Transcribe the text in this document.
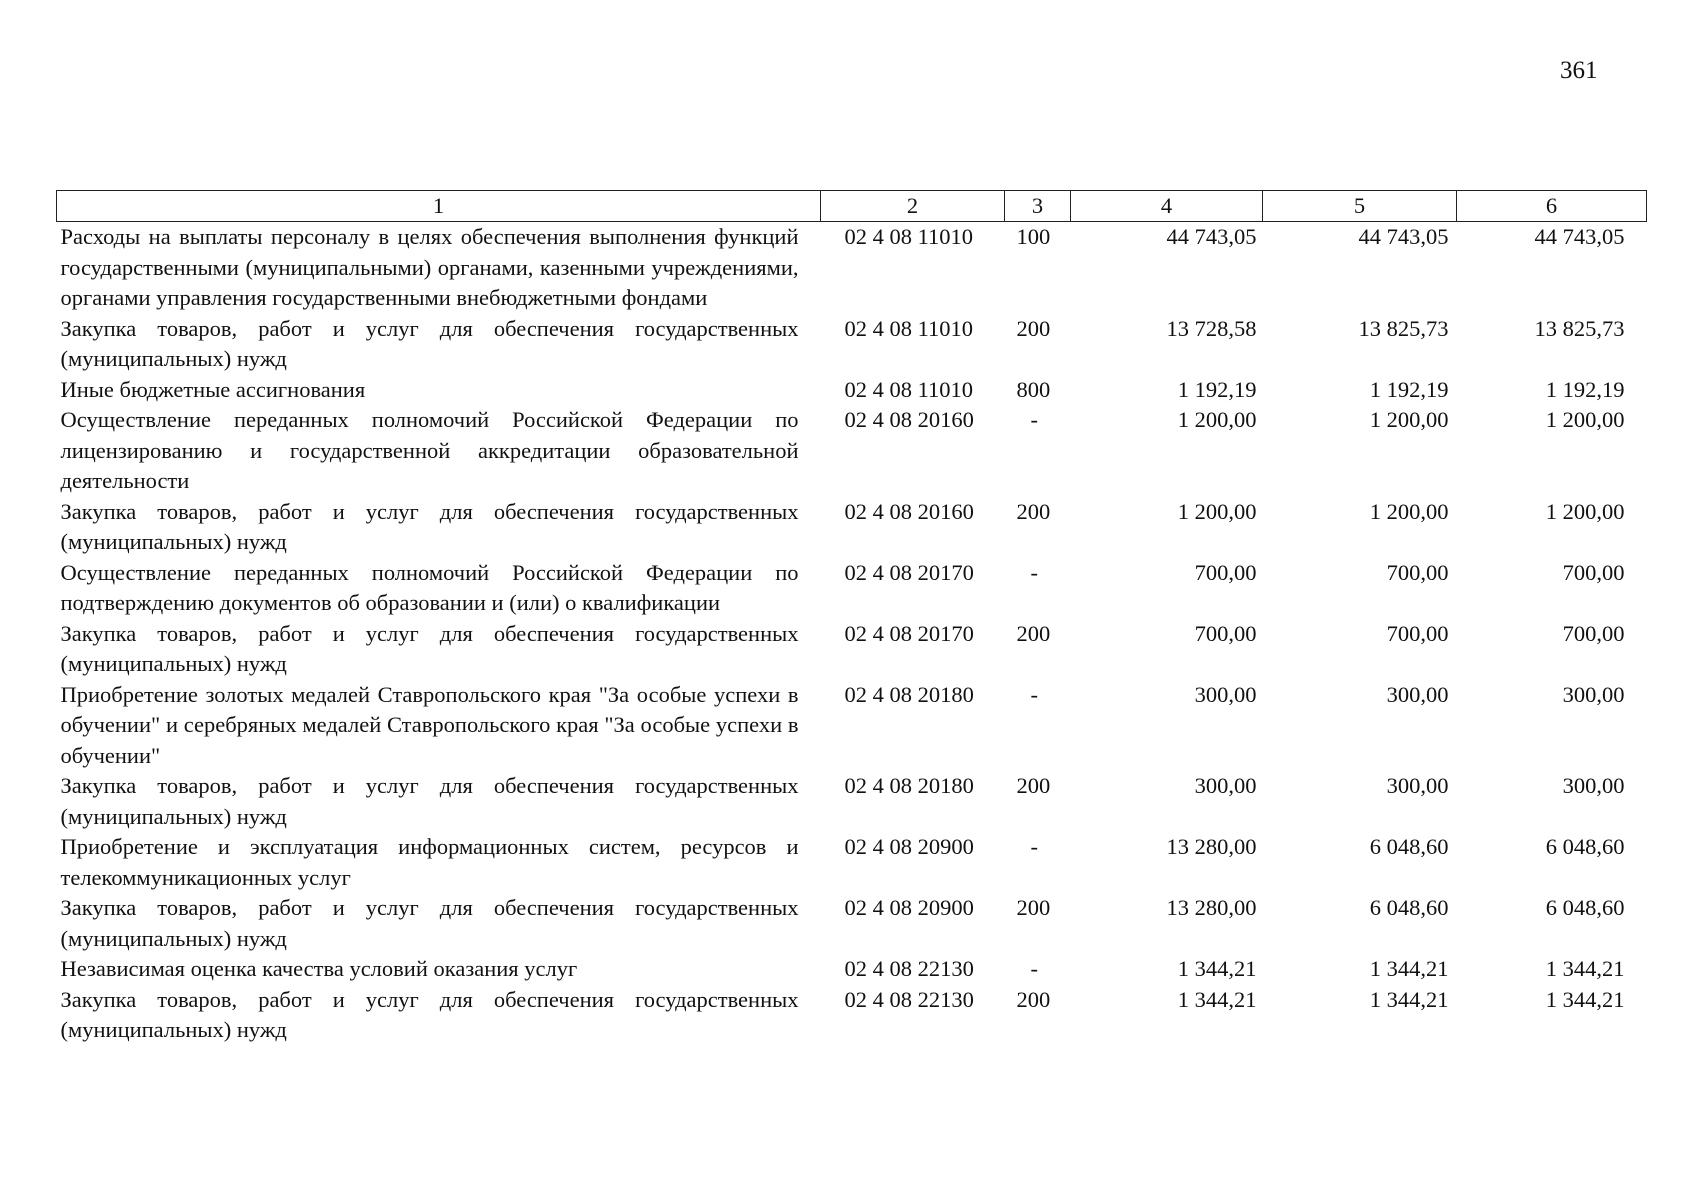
361
1	2	3	4	5	6
Расходы на выплаты персоналу в целях обеспечения выполнения функций государственными (муниципальными) органами, казенными учреждениями, органами управления государственными внебюджетными фондами	02 4 08 11010	100	44 743,05	44 743,05	44 743,05
Закупка товаров, работ и услуг для обеспечения государственных (муниципальных) нужд	02 4 08 11010	200	13 728,58	13 825,73	13 825,73
Иные бюджетные ассигнования	02 4 08 11010	800	1 192,19	1 192,19	1 192,19
Осуществление переданных полномочий Российской Федерации по лицензированию и государственной аккредитации образовательной деятельности	02 4 08 20160	-	1 200,00	1 200,00	1 200,00
Закупка товаров, работ и услуг для обеспечения государственных (муниципальных) нужд	02 4 08 20160	200	1 200,00	1 200,00	1 200,00
Осуществление переданных полномочий Российской Федерации по подтверждению документов об образовании и (или) о квалификации	02 4 08 20170	-	700,00	700,00	700,00
Закупка товаров, работ и услуг для обеспечения государственных (муниципальных) нужд	02 4 08 20170	200	700,00	700,00	700,00
Приобретение золотых медалей Ставропольского края "За особые успехи в обучении" и серебряных медалей Ставропольского края "За особые успехи в обучении"	02 4 08 20180	-	300,00	300,00	300,00
Закупка товаров, работ и услуг для обеспечения государственных (муниципальных) нужд	02 4 08 20180	200	300,00	300,00	300,00
Приобретение и эксплуатация информационных систем, ресурсов и телекоммуникационных услуг	02 4 08 20900	-	13 280,00	6 048,60	6 048,60
Закупка товаров, работ и услуг для обеспечения государственных (муниципальных) нужд	02 4 08 20900	200	13 280,00	6 048,60	6 048,60
Независимая оценка качества условий оказания услуг	02 4 08 22130	-	1 344,21	1 344,21	1 344,21
Закупка товаров, работ и услуг для обеспечения государственных (муниципальных) нужд	02 4 08 22130	200	1 344,21	1 344,21	1 344,21
